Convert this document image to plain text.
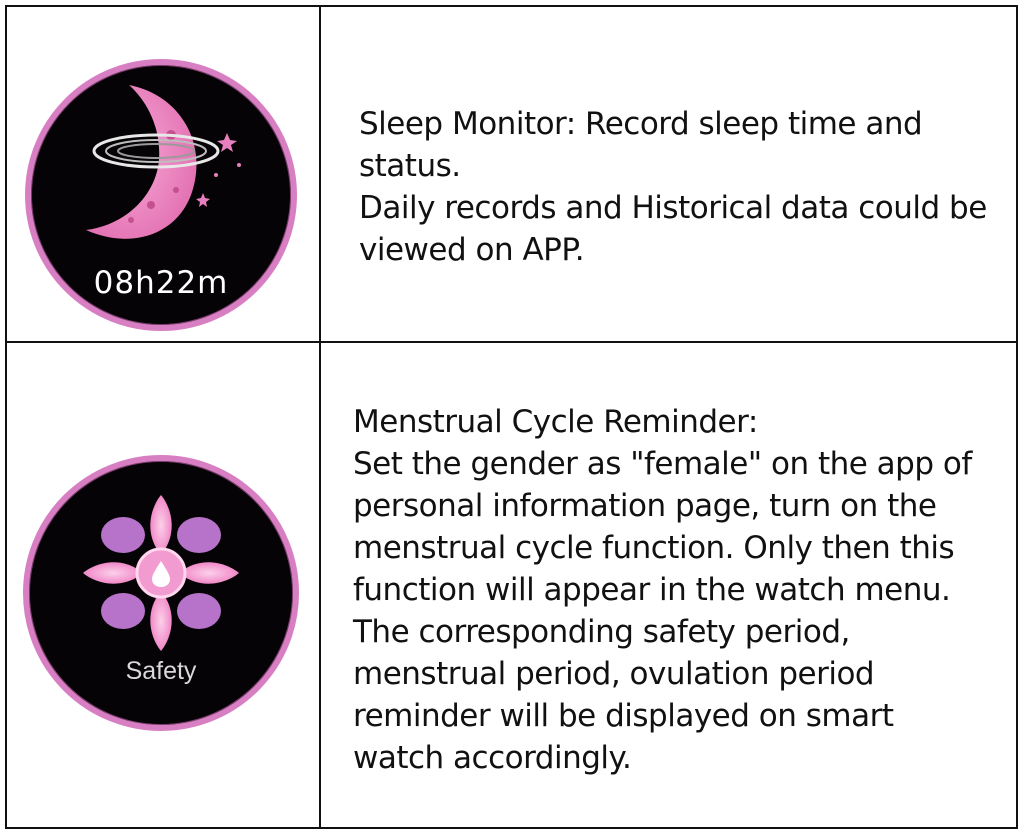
08h22m
Sleep Monitor: Record sleep time and
status.
Daily records and Historical data could be
viewed on APP.
Safety
Menstrual Cycle Reminder:
Set the gender as "female" on the app of
personal information page, turn on the
menstrual cycle function. Only then this
function will appear in the watch menu.
The corresponding safety period,
menstrual period, ovulation period
reminder will be displayed on smart
watch accordingly.
